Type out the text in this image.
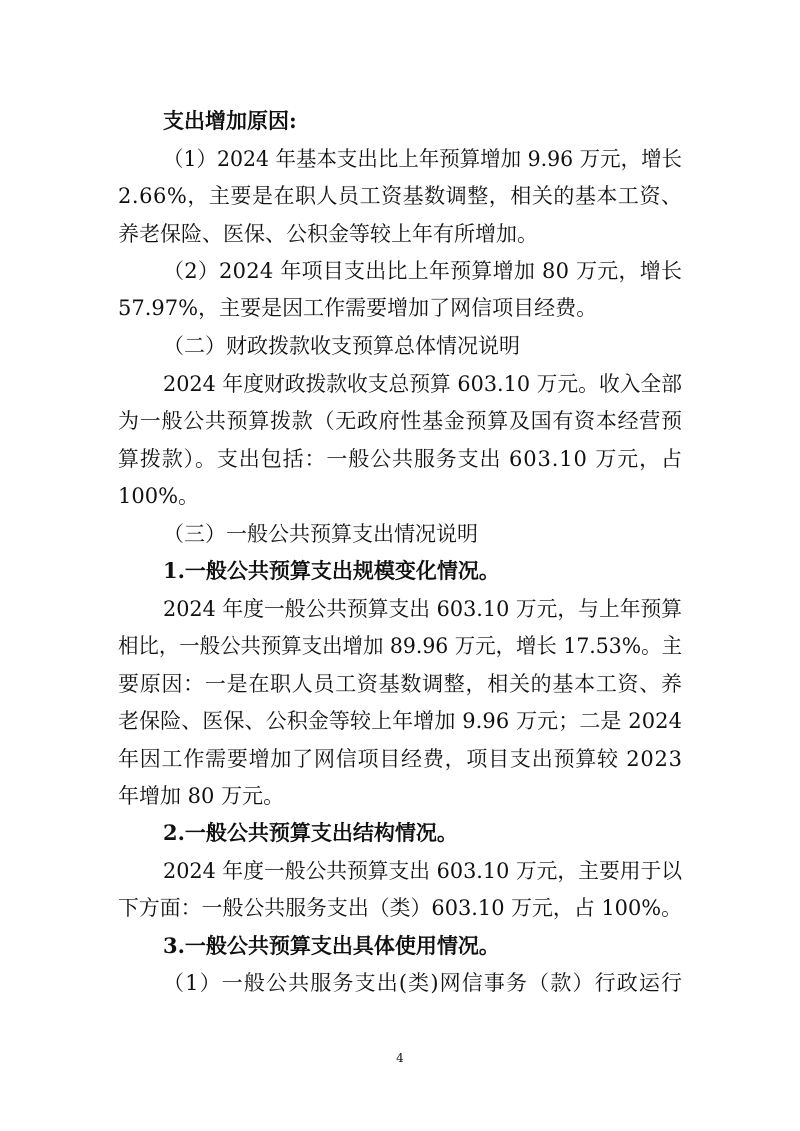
支出增加原因:
（1）2024 年基本支出比上年预算增加 9.96 万元，增长
2.66%，主要是在职人员工资基数调整，相关的基本工资、
养老保险、医保、公积金等较上年有所增加。
（2）2024 年项目支出比上年预算增加 80 万元，增长
57.97%，主要是因工作需要增加了网信项目经费。
（二）财政拨款收支预算总体情况说明
2024 年度财政拨款收支总预算 603.10 万元。收入全部
为一般公共预算拨款（无政府性基金预算及国有资本经营预
算拨款）。支出包括：一般公共服务支出 603.10 万元，占
100%。
（三）一般公共预算支出情况说明
1.一般公共预算支出规模变化情况。
2024 年度一般公共预算支出 603.10 万元，与上年预算
相比，一般公共预算支出增加 89.96 万元，增长 17.53%。主
要原因：一是在职人员工资基数调整，相关的基本工资、养
老保险、医保、公积金等较上年增加 9.96 万元；二是 2024
年因工作需要增加了网信项目经费，项目支出预算较 2023
年增加 80 万元。
2.一般公共预算支出结构情况。
2024 年度一般公共预算支出 603.10 万元，主要用于以
下方面：一般公共服务支出（类）603.10 万元，占 100%。
3.一般公共预算支出具体使用情况。
（1）一般公共服务支出(类)网信事务（款）行政运行
4
